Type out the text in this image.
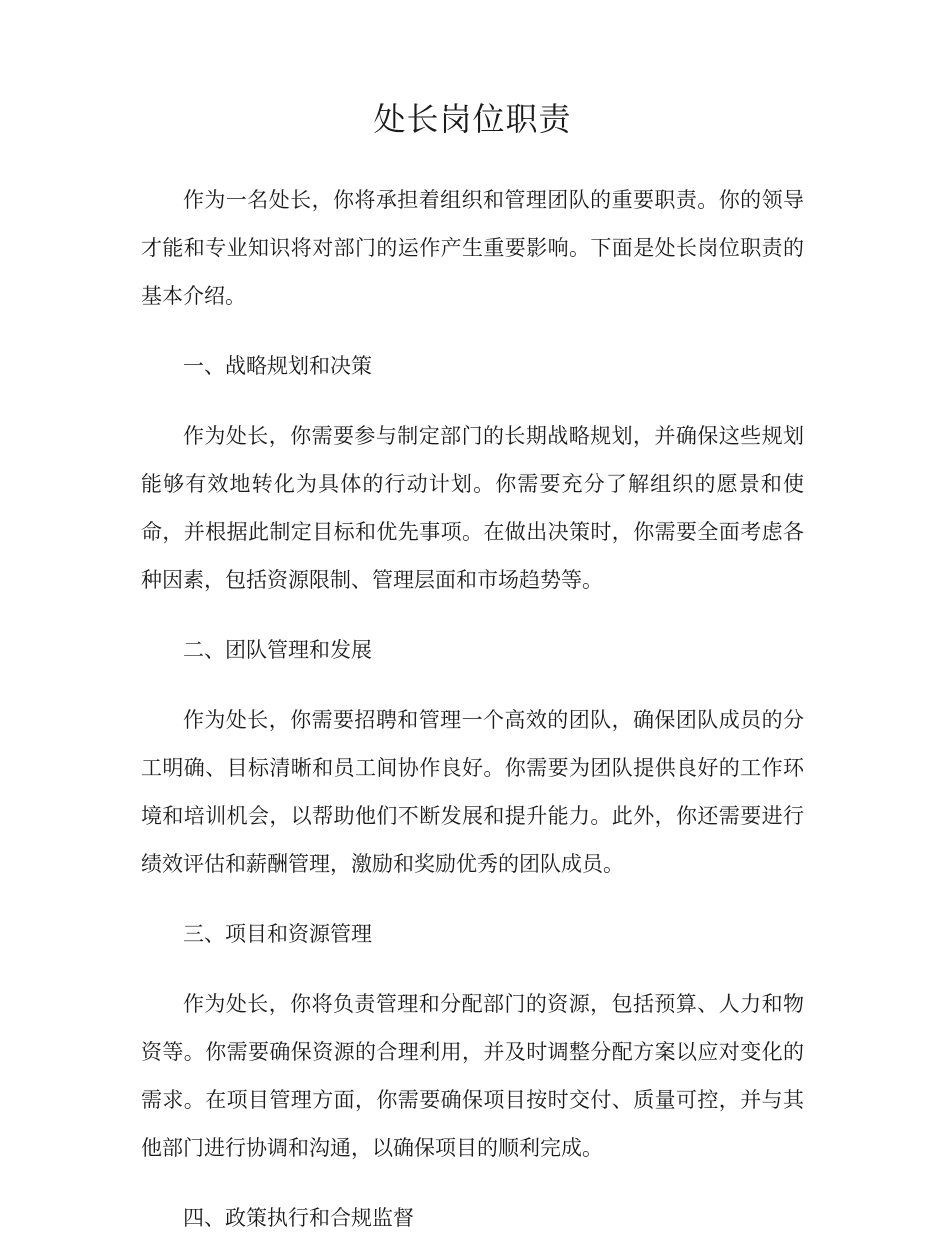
处长岗位职责

作为一名处长，你将承担着组织和管理团队的重要职责。你的领导才能和专业知识将对部门的运作产生重要影响。下面是处长岗位职责的基本介绍。

一、战略规划和决策

作为处长，你需要参与制定部门的长期战略规划，并确保这些规划能够有效地转化为具体的行动计划。你需要充分了解组织的愿景和使命，并根据此制定目标和优先事项。在做出决策时，你需要全面考虑各种因素，包括资源限制、管理层面和市场趋势等。

二、团队管理和发展

作为处长，你需要招聘和管理一个高效的团队，确保团队成员的分工明确、目标清晰和员工间协作良好。你需要为团队提供良好的工作环境和培训机会，以帮助他们不断发展和提升能力。此外，你还需要进行绩效评估和薪酬管理，激励和奖励优秀的团队成员。

三、项目和资源管理

作为处长，你将负责管理和分配部门的资源，包括预算、人力和物资等。你需要确保资源的合理利用，并及时调整分配方案以应对变化的需求。在项目管理方面，你需要确保项目按时交付、质量可控，并与其他部门进行协调和沟通，以确保项目的顺利完成。

四、政策执行和合规监督
